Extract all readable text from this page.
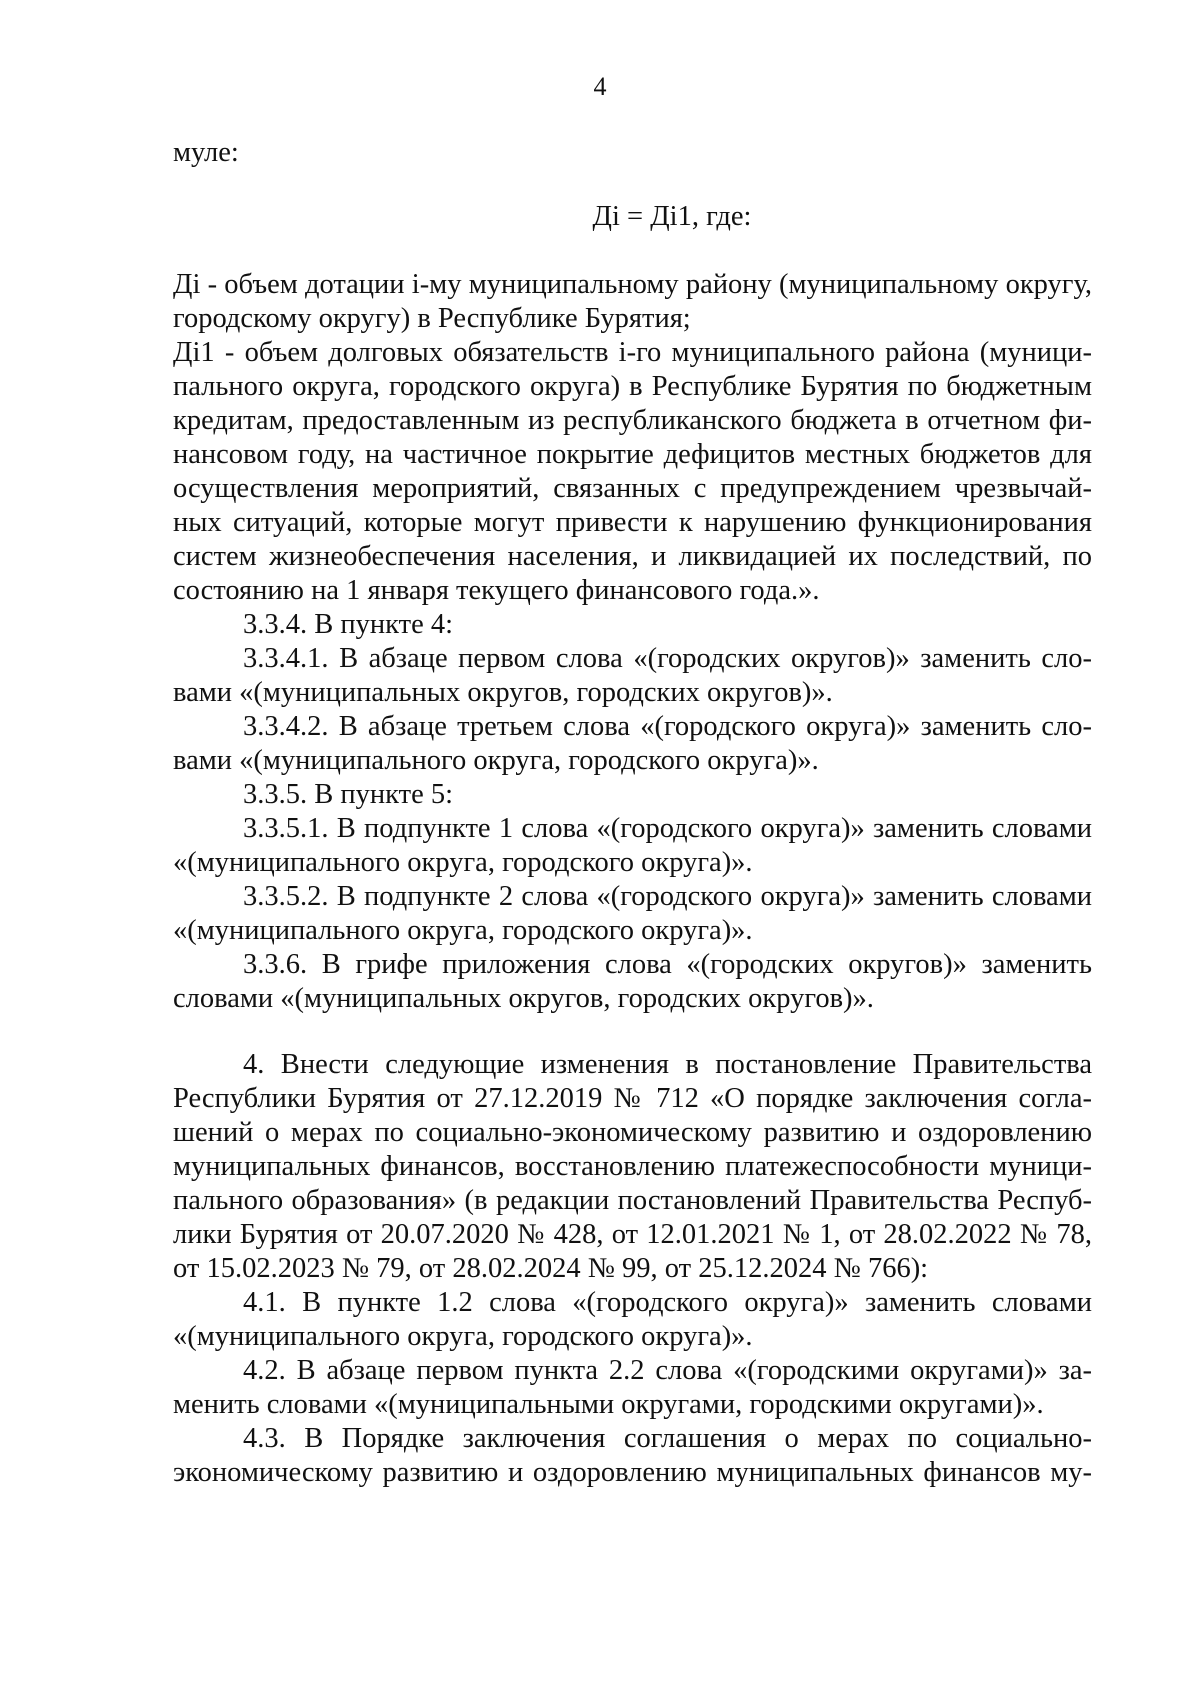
4
муле:
Дi = Дi1, где:
Дi - объем дотации i-му муниципальному району (муниципальному округу,
городскому округу) в Республике Бурятия;
Дi1 - объем долговых обязательств i-го муниципального района (муници-
пального округа, городского округа) в Республике Бурятия по бюджетным
кредитам, предоставленным из республиканского бюджета в отчетном фи-
нансовом году, на частичное покрытие дефицитов местных бюджетов для
осуществления мероприятий, связанных с предупреждением чрезвычай-
ных ситуаций, которые могут привести к нарушению функционирования
систем жизнеобеспечения населения, и ликвидацией их последствий, по
состоянию на 1 января текущего финансового года.».
3.3.4. В пункте 4:
3.3.4.1. В абзаце первом слова «(городских округов)» заменить сло-
вами «(муниципальных округов, городских округов)».
3.3.4.2. В абзаце третьем слова «(городского округа)» заменить сло-
вами «(муниципального округа, городского округа)».
3.3.5. В пункте 5:
3.3.5.1. В подпункте 1 слова «(городского округа)» заменить словами
«(муниципального округа, городского округа)».
3.3.5.2. В подпункте 2 слова «(городского округа)» заменить словами
«(муниципального округа, городского округа)».
3.3.6. В грифе приложения слова «(городских округов)» заменить
словами «(муниципальных округов, городских округов)».
4. Внести следующие изменения в постановление Правительства
Республики Бурятия от 27.12.2019 № 712 «О порядке заключения согла-
шений о мерах по социально-экономическому развитию и оздоровлению
муниципальных финансов, восстановлению платежеспособности муници-
пального образования» (в редакции постановлений Правительства Респуб-
лики Бурятия от 20.07.2020 № 428, от 12.01.2021 № 1, от 28.02.2022 № 78,
от 15.02.2023 № 79, от 28.02.2024 № 99, от 25.12.2024 № 766):
4.1. В пункте 1.2 слова «(городского округа)» заменить словами
«(муниципального округа, городского округа)».
4.2. В абзаце первом пункта 2.2 слова «(городскими округами)» за-
менить словами «(муниципальными округами, городскими округами)».
4.3. В Порядке заключения соглашения о мерах по социально-
экономическому развитию и оздоровлению муниципальных финансов му-
